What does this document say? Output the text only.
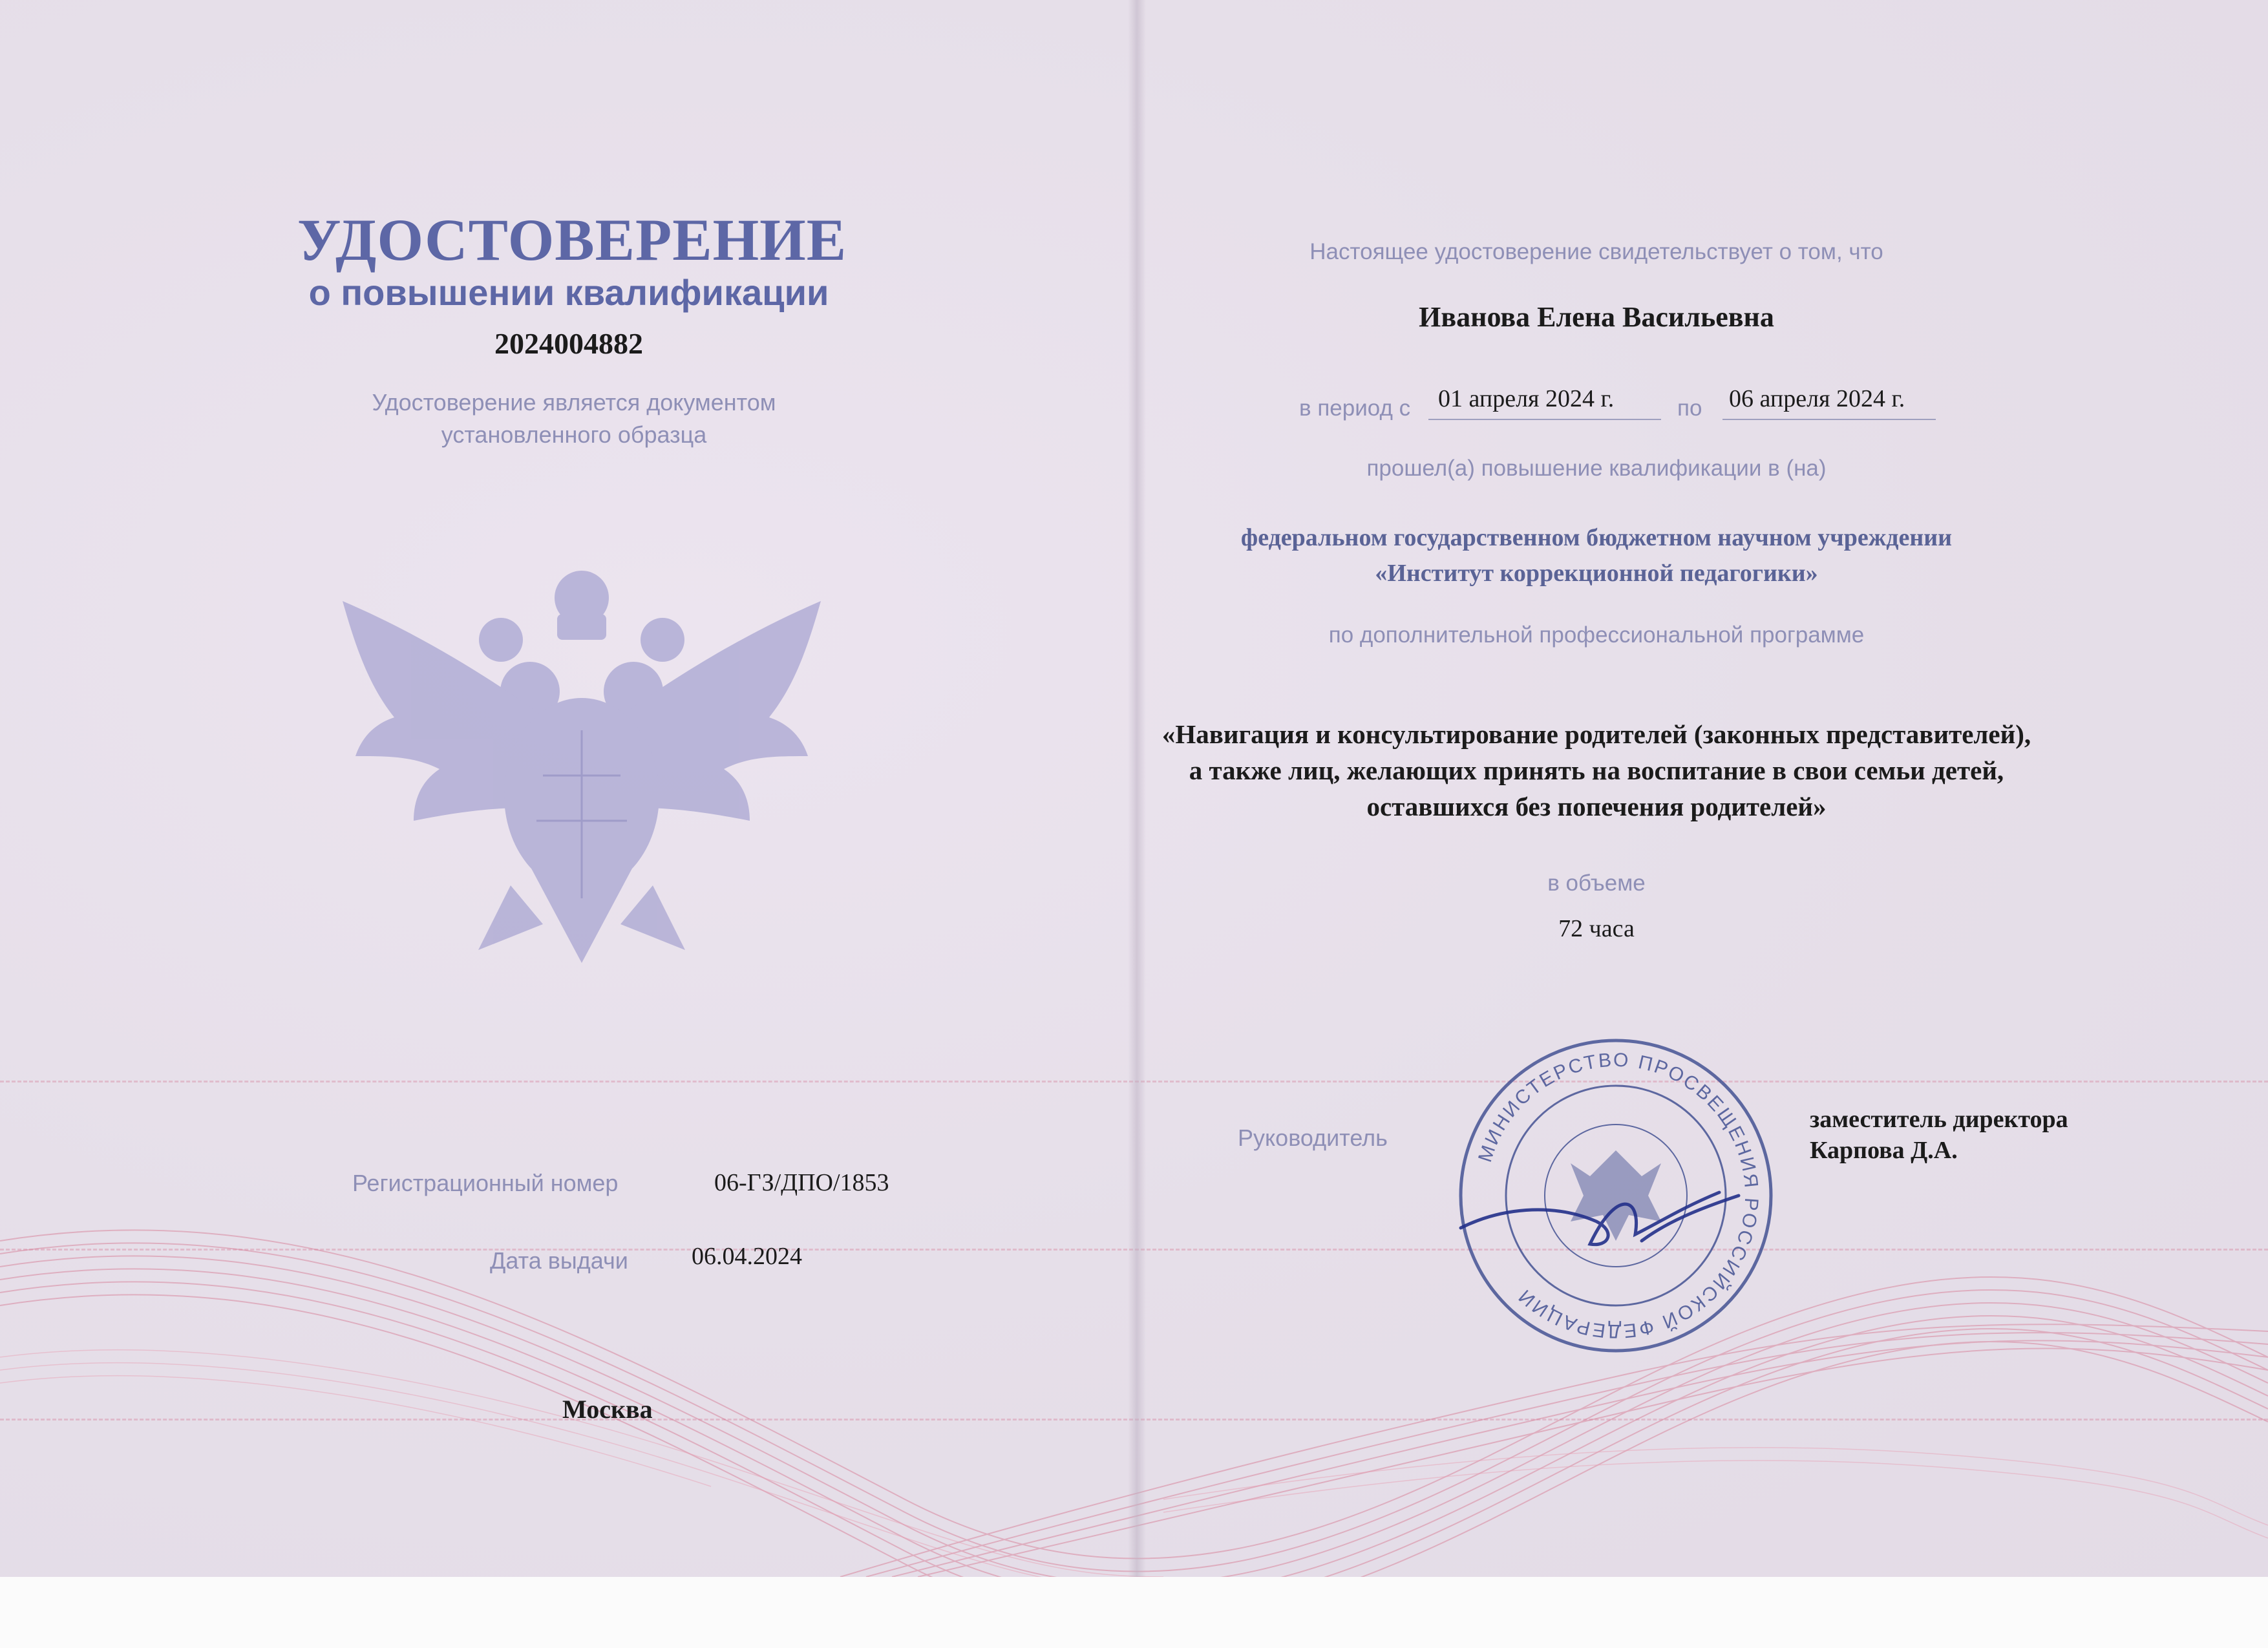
УДОСТОВЕРЕНИЕ
о повышении квалификации
2024004882
Удостоверение является документом
установленного образца
Регистрационный номер	06-ГЗ/ДПО/1853
Дата выдачи	06.04.2024
Москва
Настоящее удостоверение свидетельствует о том, что
Иванова Елена Васильевна
в период с 01 апреля 2024 г.	по 06 апреля 2024 г.
прошел(а) повышение квалификации в (на)
федеральном государственном бюджетном научном учреждении
«Институт коррекционной педагогики»
по дополнительной профессиональной программе
«Навигация и консультирование родителей (законных представителей),
а также лиц, желающих принять на воспитание в свои семьи детей,
оставшихся без попечения родителей»
в объеме
72 часа
Руководитель
заместитель директора
Карпова Д.А.
МИНИСТЕРСТВО ПРОСВЕЩЕНИЯ РОССИЙСКОЙ ФЕДЕРАЦИИ
